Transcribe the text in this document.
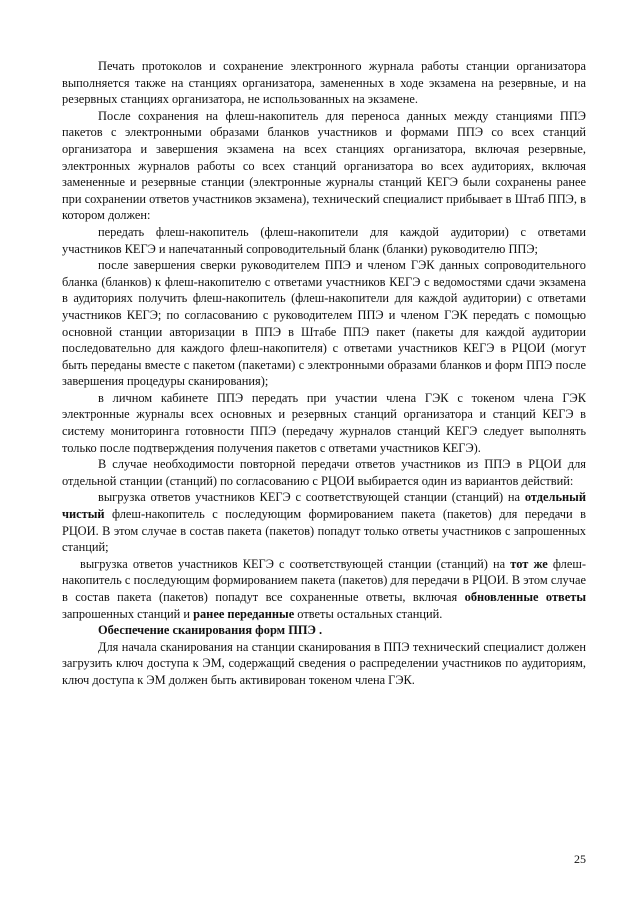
Печать протоколов и сохранение электронного журнала работы станции организатора выполняется также на станциях организатора, замененных в ходе экзамена на резервные, и на резервных станциях организатора, не использованных на экзамене.

После сохранения на флеш-накопитель для переноса данных между станциями ППЭ пакетов с электронными образами бланков участников и формами ППЭ со всех станций организатора и завершения экзамена на всех станциях организатора, включая резервные, электронных журналов работы со всех станций организатора во всех аудиториях, включая замененные и резервные станции (электронные журналы станций КЕГЭ были сохранены ранее при сохранении ответов участников экзамена), технический специалист прибывает в Штаб ППЭ, в котором должен:

передать флеш-накопитель (флеш-накопители для каждой аудитории) с ответами участников КЕГЭ и напечатанный сопроводительный бланк (бланки) руководителю ППЭ;

после завершения сверки руководителем ППЭ и членом ГЭК данных сопроводительного бланка (бланков) к флеш-накопителю с ответами участников КЕГЭ с ведомостями сдачи экзамена в аудиториях получить флеш-накопитель (флеш-накопители для каждой аудитории) с ответами участников КЕГЭ; по согласованию с руководителем ППЭ и членом ГЭК передать с помощью основной станции авторизации в ППЭ в Штабе ППЭ пакет (пакеты для каждой аудитории последовательно для каждого флеш-накопителя) с ответами участников КЕГЭ в РЦОИ (могут быть переданы вместе с пакетом (пакетами) с электронными образами бланков и форм ППЭ после завершения процедуры сканирования);

в личном кабинете ППЭ передать при участии члена ГЭК с токеном члена ГЭК электронные журналы всех основных и резервных станций организатора и станций КЕГЭ в систему мониторинга готовности ППЭ (передачу журналов станций КЕГЭ следует выполнять только после подтверждения получения пакетов с ответами участников КЕГЭ).

В случае необходимости повторной передачи ответов участников из ППЭ в РЦОИ для отдельной станции (станций) по согласованию с РЦОИ выбирается один из вариантов действий:

выгрузка ответов участников КЕГЭ с соответствующей станции (станций) на отдельный чистый флеш-накопитель с последующим формированием пакета (пакетов) для передачи в РЦОИ. В этом случае в состав пакета (пакетов) попадут только ответы участников с запрошенных станций;

выгрузка ответов участников КЕГЭ с соответствующей станции (станций) на тот же флеш-накопитель с последующим формированием пакета (пакетов) для передачи в РЦОИ. В этом случае в состав пакета (пакетов) попадут все сохраненные ответы, включая обновленные ответы запрошенных станций и ранее переданные ответы остальных станций.

Обеспечение сканирования форм ППЭ .

Для начала сканирования на станции сканирования в ППЭ технический специалист должен загрузить ключ доступа к ЭМ, содержащий сведения о распределении участников по аудиториям, ключ доступа к ЭМ должен быть активирован токеном члена ГЭК.

25
